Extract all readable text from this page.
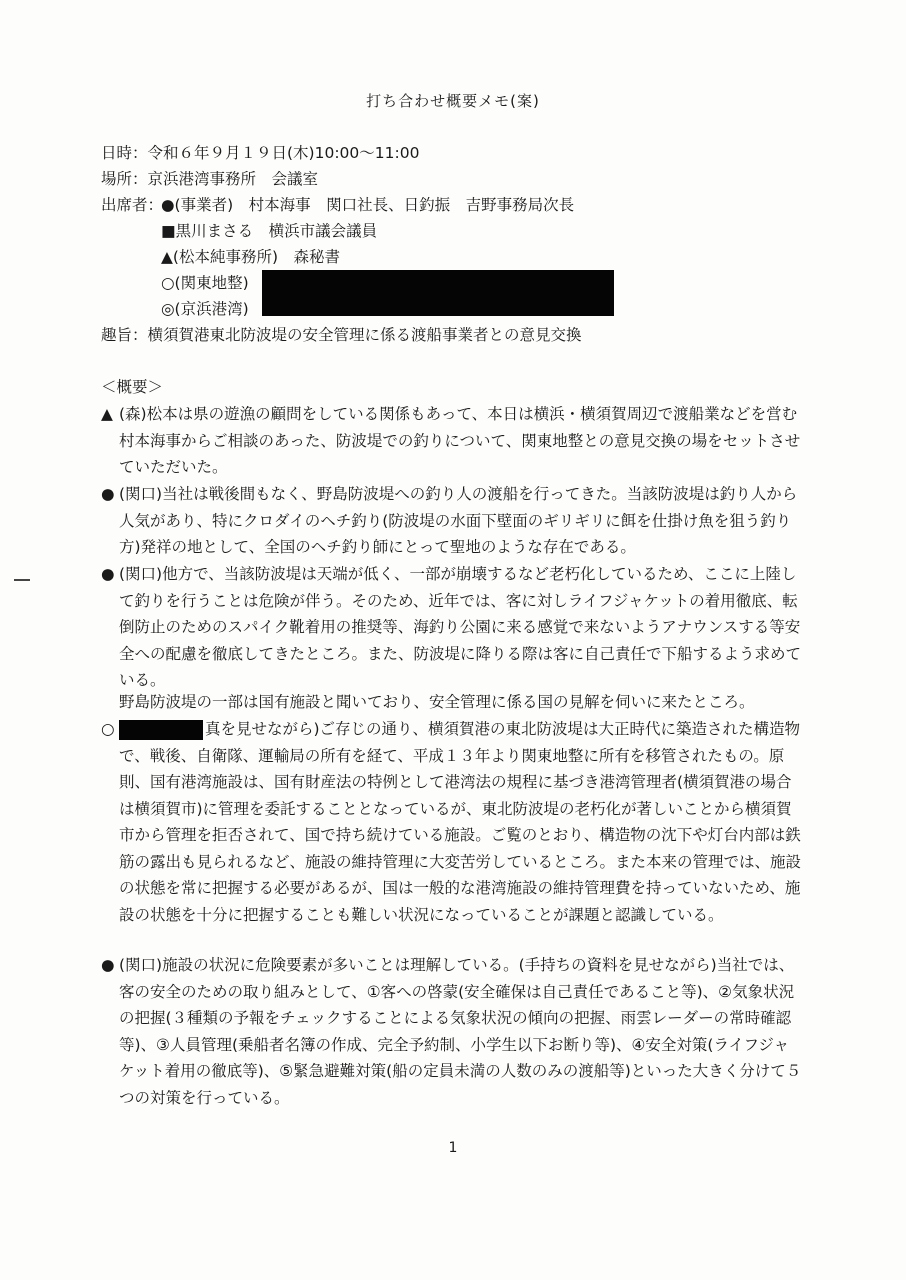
打ち合わせ概要メモ(案)
日時：令和６年９月１９日(木)10:00～11:00
場所：京浜港湾事務所　会議室
出席者：
●(事業者)　村本海事　関口社長、日釣振　吉野事務局次長
■黒川まさる　横浜市議会議員
▲(松本純事務所)　森秘書
○(関東地整)
◎(京浜港湾)
趣旨：横須賀港東北防波堤の安全管理に係る渡船事業者との意見交換
＜概要＞
▲ (森)松本は県の遊漁の顧問をしている関係もあって、本日は横浜・横須賀周辺で渡船業などを営む村本海事からご相談のあった、防波堤での釣りについて、関東地整との意見交換の場をセットさせていただいた。
● (関口)当社は戦後間もなく、野島防波堤への釣り人の渡船を行ってきた。当該防波堤は釣り人から人気があり、特にクロダイのヘチ釣り(防波堤の水面下壁面のギリギリに餌を仕掛け魚を狙う釣り方)発祥の地として、全国のヘチ釣り師にとって聖地のような存在である。
● (関口)他方で、当該防波堤は天端が低く、一部が崩壊するなど老朽化しているため、ここに上陸して釣りを行うことは危険が伴う。そのため、近年では、客に対しライフジャケットの着用徹底、転倒防止のためのスパイク靴着用の推奨等、海釣り公園に来る感覚で来ないようアナウンスする等安全への配慮を徹底してきたところ。また、防波堤に降りる際は客に自己責任で下船するよう求めている。
野島防波堤の一部は国有施設と聞いており、安全管理に係る国の見解を伺いに来たところ。
○	真を見せながら)ご存じの通り、横須賀港の東北防波堤は大正時代に築造された構造物で、戦後、自衛隊、運輸局の所有を経て、平成１３年より関東地整に所有を移管されたもの。原則、国有港湾施設は、国有財産法の特例として港湾法の規程に基づき港湾管理者(横須賀港の場合は横須賀市)に管理を委託することとなっているが、東北防波堤の老朽化が著しいことから横須賀市から管理を拒否されて、国で持ち続けている施設。ご覧のとおり、構造物の沈下や灯台内部は鉄筋の露出も見られるなど、施設の維持管理に大変苦労しているところ。また本来の管理では、施設の状態を常に把握する必要があるが、国は一般的な港湾施設の維持管理費を持っていないため、施設の状態を十分に把握することも難しい状況になっていることが課題と認識している。
● (関口)施設の状況に危険要素が多いことは理解している。(手持ちの資料を見せながら)当社では、客の安全のための取り組みとして、①客への啓蒙(安全確保は自己責任であること等)、②気象状況の把握(３種類の予報をチェックすることによる気象状況の傾向の把握、雨雲レーダーの常時確認等)、③人員管理(乗船者名簿の作成、完全予約制、小学生以下お断り等)、④安全対策(ライフジャケット着用の徹底等)、⑤緊急避難対策(船の定員未満の人数のみの渡船等)といった大きく分けて５つの対策を行っている。
1
